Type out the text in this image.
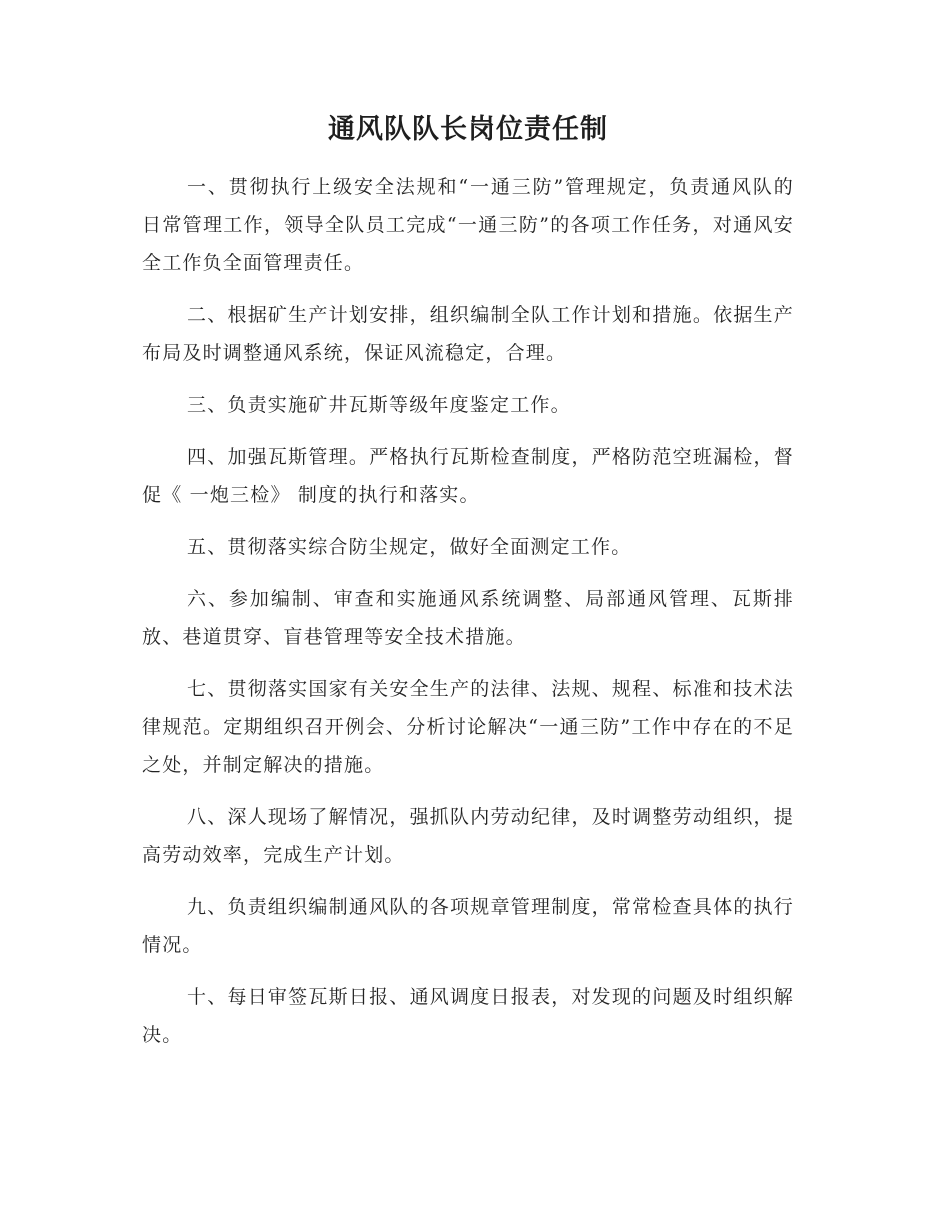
通风队队长岗位责任制

一、贯彻执行上级安全法规和“一通三防”管理规定，负责通风队的日常管理工作，领导全队员工完成“一通三防”的各项工作任务，对通风安全工作负全面管理责任。

二、根据矿生产计划安排，组织编制全队工作计划和措施。依据生产布局及时调整通风系统，保证风流稳定，合理。

三、负责实施矿井瓦斯等级年度鉴定工作。

四、加强瓦斯管理。严格执行瓦斯检查制度，严格防范空班漏检，督促《 一炮三检》 制度的执行和落实。

五、贯彻落实综合防尘规定，做好全面测定工作。

六、参加编制、审查和实施通风系统调整、局部通风管理、瓦斯排放、巷道贯穿、盲巷管理等安全技术措施。

七、贯彻落实国家有关安全生产的法律、法规、规程、标准和技术法律规范。定期组织召开例会、分析讨论解决“一通三防”工作中存在的不足之处，并制定解决的措施。

八、深人现场了解情况，强抓队内劳动纪律，及时调整劳动组织，提高劳动效率，完成生产计划。

九、负责组织编制通风队的各项规章管理制度，常常检查具体的执行情况。

十、每日审签瓦斯日报、通风调度日报表，对发现的问题及时组织解决。
